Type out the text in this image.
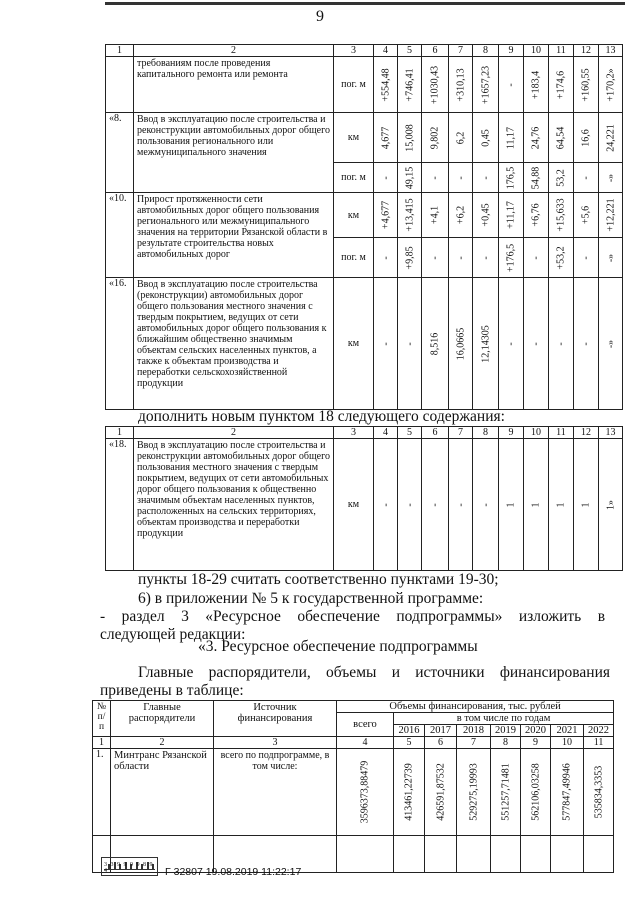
9
1	2	3	4	5	6	7	8	9	10	11	12	13
	требованиям после проведения капитального ремонта или ремонта	пог. м	+554,48	+746,41	+1030,43	+310,13	+1657,23	-	+183,4	+174,6	+160,55	+170,2»

«8.	Ввод в эксплуатацию после строительства и реконструкции автомобильных дорог общего пользования регионального или межмуниципального значения	км	4,677	15,008	9,802	6,2	0,45	11,17	24,76	64,54	16,6	24,221

		пог. м	-	49,15	-	-	-	176,5	54,88	53,2	-	-»

«10.	Прирост протяженности сети автомобильных дорог общего пользования регионального или межмуниципального значения на территории Рязанской области в результате строительства новых автомобильных дорог	км	+4,677	+13,415	+4,1	+6,2	+0,45	+11,17	+6,76	+15,633	+5,6	+12,221

		пог. м	-	+9,85	-	-	-	+176,5	-	+53,2	-	-»

«16.	Ввод в эксплуатацию после строительства (реконструкции) автомобильных дорог общего пользования местного значения с твердым покрытием, ведущих от сети автомобильных дорог общего пользования к ближайшим общественно значимым объектам сельских населенных пунктов, а также к объектам производства и переработки сельскохозяйственной продукции	км	-	-	8,516	16,0665	12,14305	-	-	-	-	-»
дополнить новым пунктом 18 следующего содержания:
1	2	3	4	5	6	7	8	9	10	11	12	13
«18.	Ввод в эксплуатацию после строительства и реконструкции автомобильных дорог общего пользования местного значения с твердым покрытием, ведущих от сети автомобильных дорог общего пользования к общественно значимым объектам населенных пунктов, расположенных на сельских территориях, объектам производства и переработки продукции	км	-	-	-	-	-	1	1	1	1	1»
пункты 18-29 считать соответственно пунктами 19-30;
6) в приложении № 5 к государственной программе:
- раздел 3 «Ресурсное обеспечение подпрограммы» изложить в
следующей редакции:
«3. Ресурсное обеспечение подпрограммы
Главные распорядители, объемы и источники финансирования
приведены в таблице:
№ п/п	Главные распорядители	Источник финансирования	Объемы финансирования, тыс. рублей							
			всего	в том числе по годам						
				2016	2017	2018	2019	2020	2021	2022
1	2	3	4	5	6	7	8	9	10	11
1.	Минтранс Рязанской области	всего по подпрограмме, в том числе:	3596373,88479	413461,22739	426591,87532	529275,19993	551257,71481	562106,03258	577847,49946	535834,3353

3 3 9 9 9 9 8 9 4	Г 32807 19.08.2019 11:22:17
